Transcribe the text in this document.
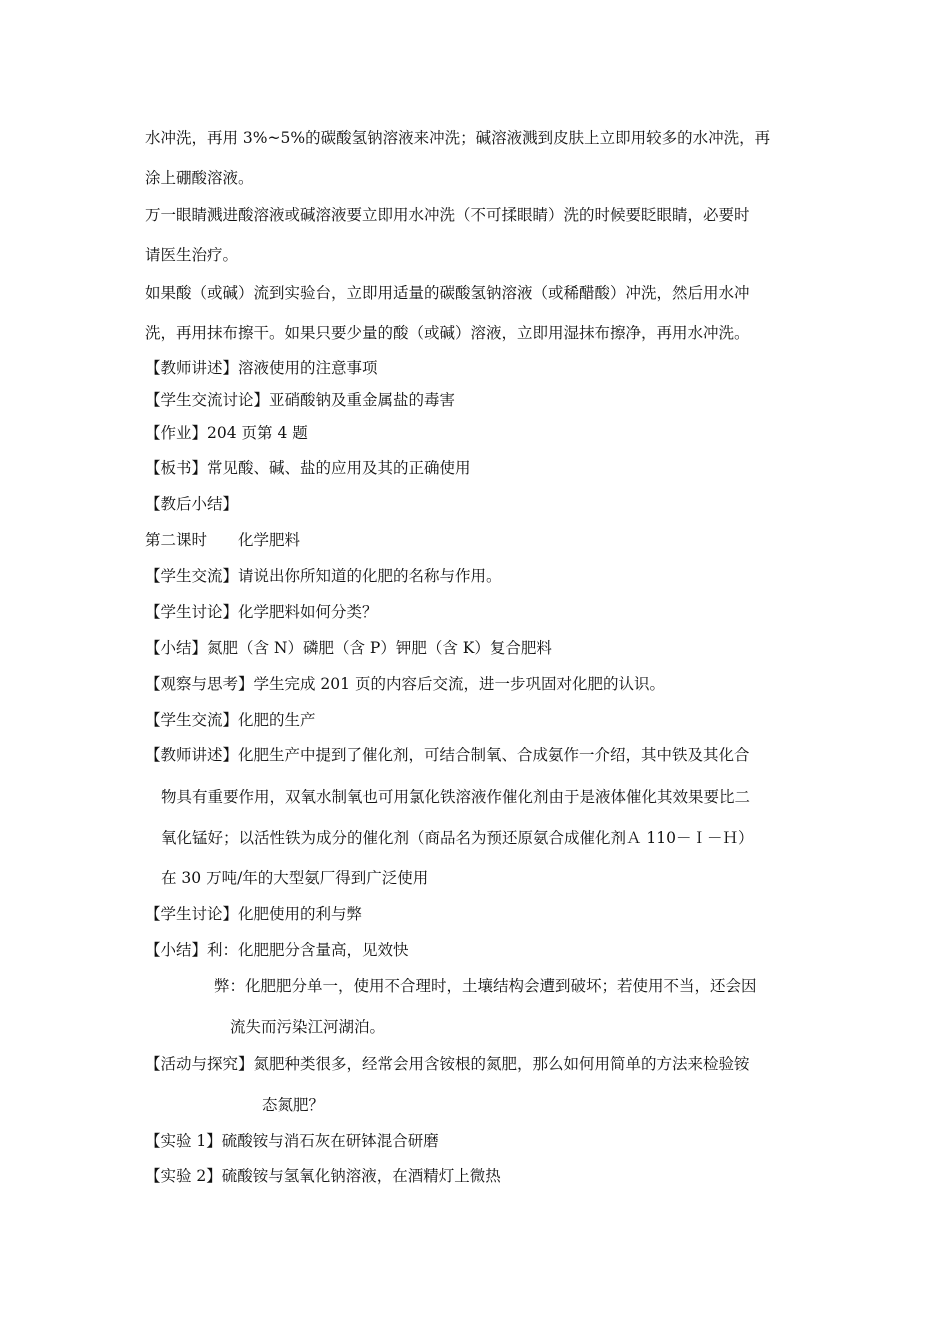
水冲洗，再用 3%~5%的碳酸氢钠溶液来冲洗；碱溶液溅到皮肤上立即用较多的水冲洗，再
涂上硼酸溶液。
万一眼睛溅进酸溶液或碱溶液要立即用水冲洗（不可揉眼睛）洗的时候要眨眼睛，必要时
请医生治疗。
如果酸（或碱）流到实验台，立即用适量的碳酸氢钠溶液（或稀醋酸）冲洗，然后用水冲
洗，再用抹布擦干。如果只要少量的酸（或碱）溶液，立即用湿抹布擦净，再用水冲洗。
【教师讲述】溶液使用的注意事项
【学生交流讨论】亚硝酸钠及重金属盐的毒害
【作业】204 页第 4 题
【板书】常见酸、碱、盐的应用及其的正确使用
【教后小结】
第二课时　　化学肥料
【学生交流】请说出你所知道的化肥的名称与作用。
【学生讨论】化学肥料如何分类？
【小结】氮肥（含 N）磷肥（含 P）钾肥（含 K）复合肥料
【观察与思考】学生完成 201 页的内容后交流，进一步巩固对化肥的认识。
【学生交流】化肥的生产
【教师讲述】化肥生产中提到了催化剂，可结合制氧、合成氨作一介绍，其中铁及其化合
物具有重要作用，双氧水制氧也可用氯化铁溶液作催化剂由于是液体催化其效果要比二
氧化锰好；以活性铁为成分的催化剂（商品名为预还原氨合成催化剂Ａ 110－Ｉ－Ｈ）
在 30 万吨/年的大型氨厂得到广泛使用
【学生讨论】化肥使用的利与弊
【小结】利：化肥肥分含量高，见效快
弊：化肥肥分单一，使用不合理时，土壤结构会遭到破坏；若使用不当，还会因
流失而污染江河湖泊。
【活动与探究】氮肥种类很多，经常会用含铵根的氮肥，那么如何用简单的方法来检验铵
态氮肥？
【实验 1】硫酸铵与消石灰在研钵混合研磨
【实验 2】硫酸铵与氢氧化钠溶液，在酒精灯上微热
